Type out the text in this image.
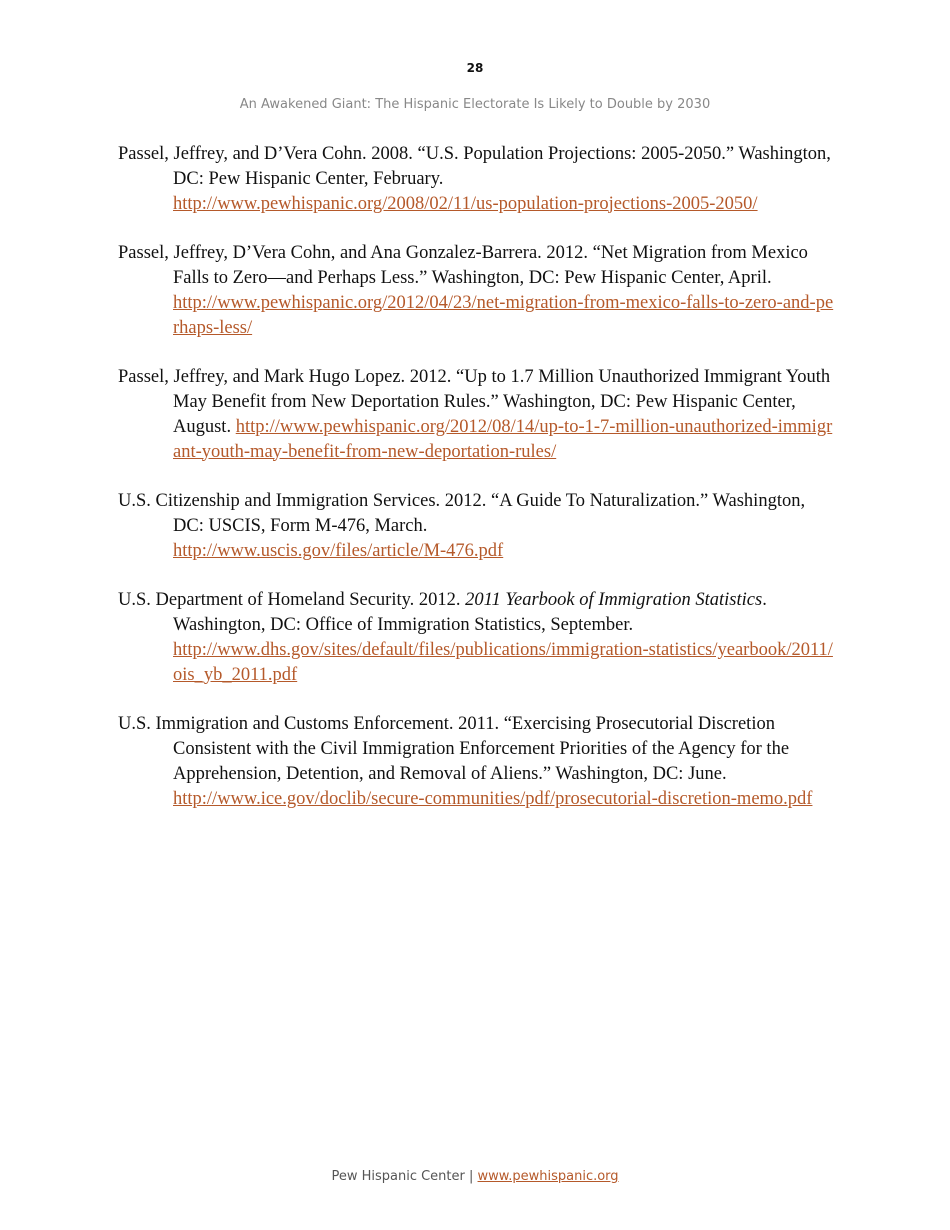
28
An Awakened Giant: The Hispanic Electorate Is Likely to Double by 2030

Passel, Jeffrey, and D’Vera Cohn. 2008. “U.S. Population Projections: 2005-2050.” Washington, DC: Pew Hispanic Center, February.
http://www.pewhispanic.org/2008/02/11/us-population-projections-2005-2050/

Passel, Jeffrey, D’Vera Cohn, and Ana Gonzalez-Barrera. 2012. “Net Migration from Mexico Falls to Zero—and Perhaps Less.” Washington, DC: Pew Hispanic Center, April.
http://www.pewhispanic.org/2012/04/23/net-migration-from-mexico-falls-to-zero-and-perhaps-less/

Passel, Jeffrey, and Mark Hugo Lopez. 2012. “Up to 1.7 Million Unauthorized Immigrant Youth May Benefit from New Deportation Rules.” Washington, DC: Pew Hispanic Center, August. http://www.pewhispanic.org/2012/08/14/up-to-1-7-million-unauthorized-immigrant-youth-may-benefit-from-new-deportation-rules/

U.S. Citizenship and Immigration Services. 2012. “A Guide To Naturalization.” Washington, DC: USCIS, Form M-476, March.
http://www.uscis.gov/files/article/M-476.pdf

U.S. Department of Homeland Security. 2012. 2011 Yearbook of Immigration Statistics. Washington, DC: Office of Immigration Statistics, September.
http://www.dhs.gov/sites/default/files/publications/immigration-statistics/yearbook/2011/ois_yb_2011.pdf

U.S. Immigration and Customs Enforcement. 2011. “Exercising Prosecutorial Discretion Consistent with the Civil Immigration Enforcement Priorities of the Agency for the Apprehension, Detention, and Removal of Aliens.” Washington, DC: June.
http://www.ice.gov/doclib/secure-communities/pdf/prosecutorial-discretion-memo.pdf

Pew Hispanic Center | www.pewhispanic.org
